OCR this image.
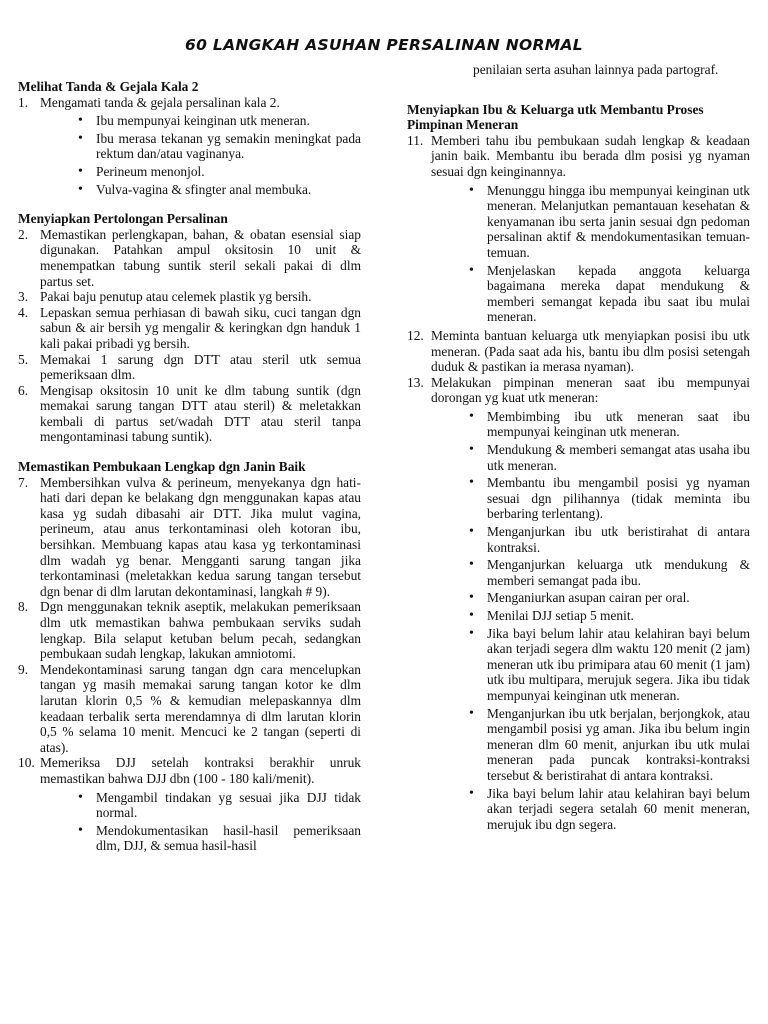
60 LANGKAH ASUHAN PERSALINAN NORMAL
Melihat Tanda & Gejala Kala 2
1. Mengamati tanda & gejala persalinan kala 2.
• Ibu mempunyai keinginan utk meneran.
• Ibu merasa tekanan yg semakin meningkat pada rektum dan/atau vaginanya.
• Perineum menonjol.
• Vulva-vagina & sfingter anal membuka.
Menyiapkan Pertolongan Persalinan
2. Memastikan perlengkapan, bahan, & obatan esensial siap digunakan. Patahkan ampul oksitosin 10 unit & menempatkan tabung suntik steril sekali pakai di dlm partus set.
3. Pakai baju penutup atau celemek plastik yg bersih.
4. Lepaskan semua perhiasan di bawah siku, cuci tangan dgn sabun & air bersih yg mengalir & keringkan dgn handuk 1 kali pakai pribadi yg bersih.
5. Memakai 1 sarung dgn DTT atau steril utk semua pemeriksaan dlm.
6. Mengisap oksitosin 10 unit ke dlm tabung suntik (dgn memakai sarung tangan DTT atau steril) & meletakkan kembali di partus set/wadah DTT atau steril tanpa mengontaminasi tabung suntik).
Memastikan Pembukaan Lengkap dgn Janin Baik
7. Membersihkan vulva & perineum, menyekanya dgn hati-hati dari depan ke belakang dgn menggunakan kapas atau kasa yg sudah dibasahi air DTT. Jika mulut vagina, perineum, atau anus terkontaminasi oleh kotoran ibu, bersihkan. Membuang kapas atau kasa yg terkontaminasi dlm wadah yg benar. Mengganti sarung tangan jika terkontaminasi (meletakkan kedua sarung tangan tersebut dgn benar di dlm larutan dekontaminasi, langkah # 9).
8. Dgn menggunakan teknik aseptik, melakukan pemeriksaan dlm utk memastikan bahwa pembukaan serviks sudah lengkap. Bila selaput ketuban belum pecah, sedangkan pembukaan sudah lengkap, lakukan amniotomi.
9. Mendekontaminasi sarung tangan dgn cara mencelupkan tangan yg masih memakai sarung tangan kotor ke dlm larutan klorin 0,5 % & kemudian melepaskannya dlm keadaan terbalik serta merendamnya di dlm larutan klorin 0,5 % selama 10 menit. Mencuci ke 2 tangan (seperti di atas).
10. Memeriksa DJJ setelah kontraksi berakhir unruk memastikan bahwa DJJ dbn (100 - 180 kali/menit).
• Mengambil tindakan yg sesuai jika DJJ tidak normal.
• Mendokumentasikan hasil-hasil pemeriksaan dlm, DJJ, & semua hasil-hasil
penilaian serta asuhan lainnya pada partograf.
Menyiapkan Ibu & Keluarga utk Membantu Proses Pimpinan Meneran
11. Memberi tahu ibu pembukaan sudah lengkap & keadaan janin baik. Membantu ibu berada dlm posisi yg nyaman sesuai dgn keinginannya.
• Menunggu hingga ibu mempunyai keinginan utk meneran. Melanjutkan pemantauan kesehatan & kenyamanan ibu serta janin sesuai dgn pedoman persalinan aktif & mendokumentasikan temuan-temuan.
• Menjelaskan kepada anggota keluarga bagaimana mereka dapat mendukung & memberi semangat kepada ibu saat ibu mulai meneran.
12. Meminta bantuan keluarga utk menyiapkan posisi ibu utk meneran. (Pada saat ada his, bantu ibu dlm posisi setengah duduk & pastikan ia merasa nyaman).
13. Melakukan pimpinan meneran saat ibu mempunyai dorongan yg kuat utk meneran:
• Membimbing ibu utk meneran saat ibu mempunyai keinginan utk meneran.
• Mendukung & memberi semangat atas usaha ibu utk meneran.
• Membantu ibu mengambil posisi yg nyaman sesuai dgn pilihannya (tidak meminta ibu berbaring terlentang).
• Menganjurkan ibu utk beristirahat di antara kontraksi.
• Menganjurkan keluarga utk mendukung & memberi semangat pada ibu.
• Menganiurkan asupan cairan per oral.
• Menilai DJJ setiap 5 menit.
• Jika bayi belum lahir atau kelahiran bayi belum akan terjadi segera dlm waktu 120 menit (2 jam) meneran utk ibu primipara atau 60 menit (1 jam) utk ibu multipara, merujuk segera. Jika ibu tidak mempunyai keinginan utk meneran.
• Menganjurkan ibu utk berjalan, berjongkok, atau mengambil posisi yg aman. Jika ibu belum ingin meneran dlm 60 menit, anjurkan ibu utk mulai meneran pada puncak kontraksi-kontraksi tersebut & beristirahat di antara kontraksi.
• Jika bayi belum lahir atau kelahiran bayi belum akan terjadi segera setalah 60 menit meneran, merujuk ibu dgn segera.
